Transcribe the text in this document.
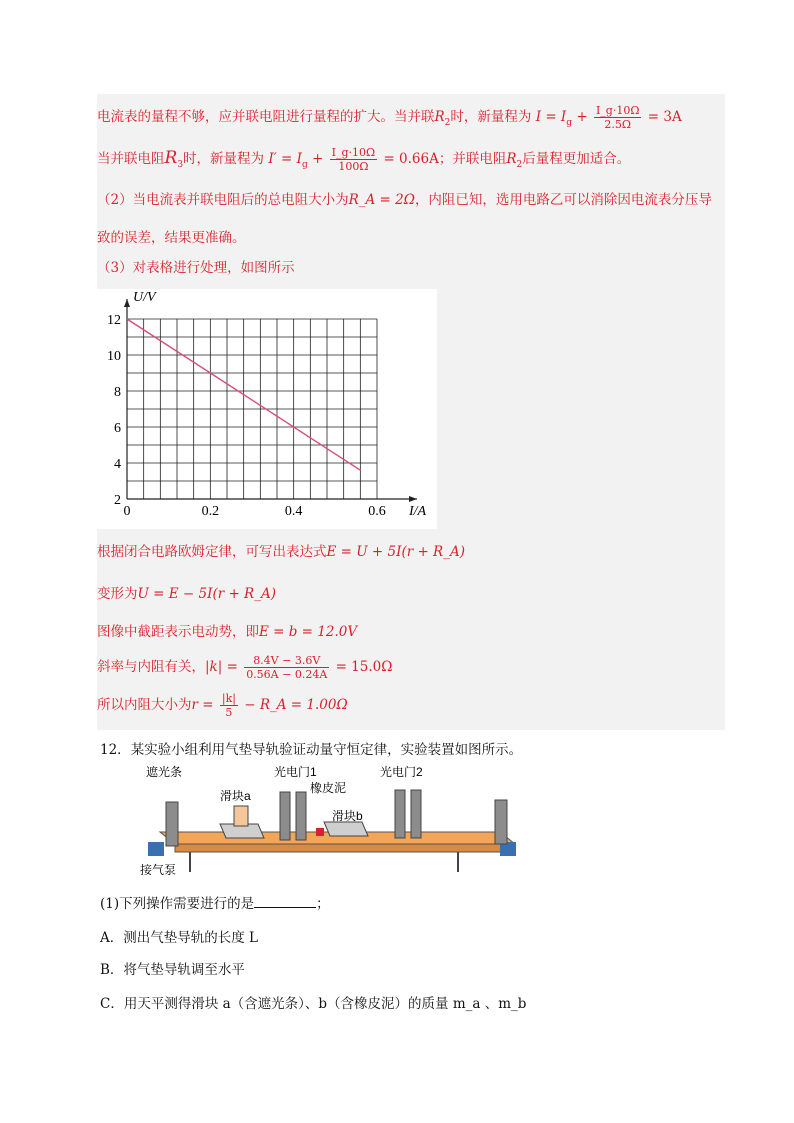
电流表的量程不够，应并联电阻进行量程的扩大。当并联$R_2$时，新量程为 $I = I_g + \frac{I\_g\cdot 10\Omega}{2.5\Omega} = 3A$
当并联电阻$R_3$时，新量程为 $I' = I_g + \frac{I\_g\cdot 10\Omega}{100\Omega} = 0.66A$；并联电阻$R_2$后量程更加适合。
（2）当电流表并联电阻后的总电阻大小为R_A = 2Ω，内阻已知，选用电路乙可以消除因电流表分压导
致的误差，结果更准确。
（3）对表格进行处理，如图所示
0	0.2	0.4	0.6
2
4
6
8
10
12
I/A
U/V
根据闭合电路欧姆定律，可写出表达式E = U + 5I(r + R_A)
变形为U = E − 5I(r + R_A)
图像中截距表示电动势，即E = b = 12.0V
斜率与内阻有关，$|k| = \frac{8.4V - 3.6V}{0.56A - 0.24A} = 15.0\Omega$
所以内阻大小为$r = \frac{|k|}{5}$ − R_A = 1.00Ω
12．某实验小组利用气垫导轨验证动量守恒定律，实验装置如图所示。
遮光条
滑块a
光电门1
橡皮泥
光电门2
滑块b
接气泵
(1)下列操作需要进行的是	；
A．测出气垫导轨的长度 L
B．将气垫导轨调至水平
C．用天平测得滑块 a（含遮光条）、b（含橡皮泥）的质量 m_a 、m_b
